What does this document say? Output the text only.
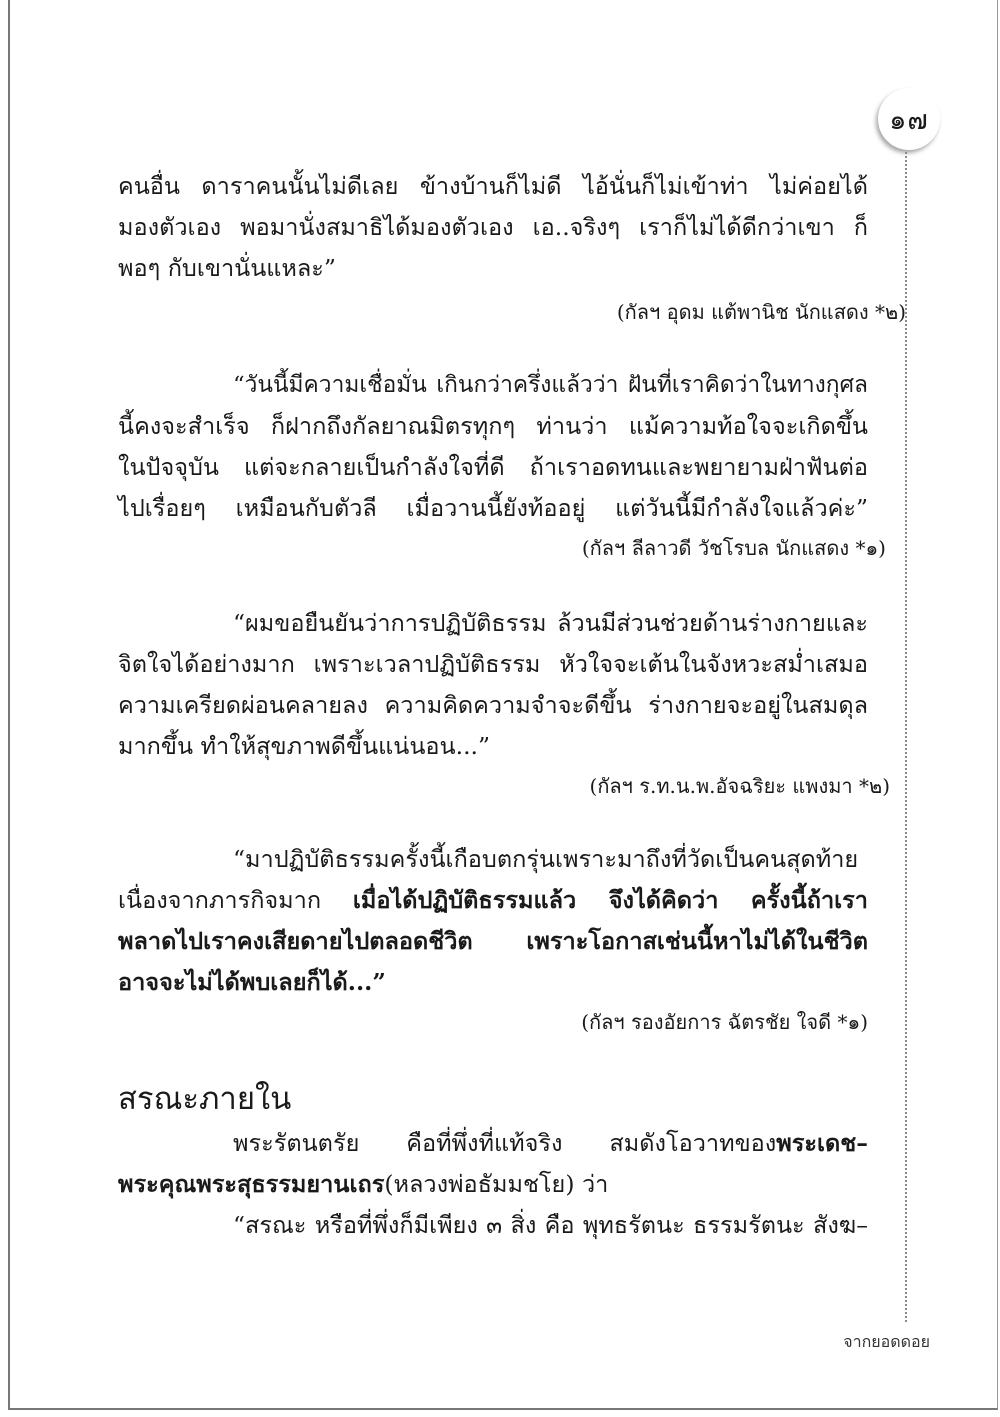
๑๗

คนอื่น ดาราคนนั้นไม่ดีเลย ข้างบ้านก็ไม่ดี ไอ้นั่นก็ไม่เข้าท่า ไม่ค่อยได้
มองตัวเอง พอมานั่งสมาธิได้มองตัวเอง เอ..จริงๆ เราก็ไม่ได้ดีกว่าเขา ก็
พอๆ กับเขานั่นแหละ”

(กัลฯ อุดม แต้พานิช นักแสดง *๒)

“วันนี้มีความเชื่อมั่น เกินกว่าครึ่งแล้วว่า ฝันที่เราคิดว่าในทางกุศล
นี้คงจะสำเร็จ ก็ฝากถึงกัลยาณมิตรทุกๆ ท่านว่า แม้ความท้อใจจะเกิดขึ้น
ในปัจจุบัน แต่จะกลายเป็นกำลังใจที่ดี ถ้าเราอดทนและพยายามฝ่าฟันต่อ
ไปเรื่อยๆ เหมือนกับตัวลี เมื่อวานนี้ยังท้ออยู่ แต่วันนี้มีกำลังใจแล้วค่ะ”

(กัลฯ ลีลาวดี วัชโรบล นักแสดง *๑)

“ผมขอยืนยันว่าการปฏิบัติธรรม ล้วนมีส่วนช่วยด้านร่างกายและ
จิตใจได้อย่างมาก เพราะเวลาปฏิบัติธรรม หัวใจจะเต้นในจังหวะสม่ำเสมอ
ความเครียดผ่อนคลายลง ความคิดความจำจะดีขึ้น ร่างกายจะอยู่ในสมดุล
มากขึ้น ทำให้สุขภาพดีขึ้นแน่นอน...”

(กัลฯ ร.ท.น.พ.อัจฉริยะ แพงมา *๒)

“มาปฏิบัติธรรมครั้งนี้เกือบตกรุ่นเพราะมาถึงที่วัดเป็นคนสุดท้าย
เนื่องจากภารกิจมาก เมื่อได้ปฏิบัติธรรมแล้ว จึงได้คิดว่า ครั้งนี้ถ้าเรา
พลาดไปเราคงเสียดายไปตลอดชีวิต เพราะโอกาสเช่นนี้หาไม่ได้ในชีวิต
อาจจะไม่ได้พบเลยก็ได้...”

(กัลฯ รองอัยการ ฉัตรชัย ใจดี *๑)

สรณะภายใน

พระรัตนตรัย คือที่พึ่งที่แท้จริง สมดังโอวาทของพระเดช–
พระคุณพระสุธรรมยานเถร(หลวงพ่อธัมมชโย) ว่า
“สรณะ หรือที่พึ่งก็มีเพียง ๓ สิ่ง คือ พุทธรัตนะ ธรรมรัตนะ สังฆ–

จากยอดดอย
